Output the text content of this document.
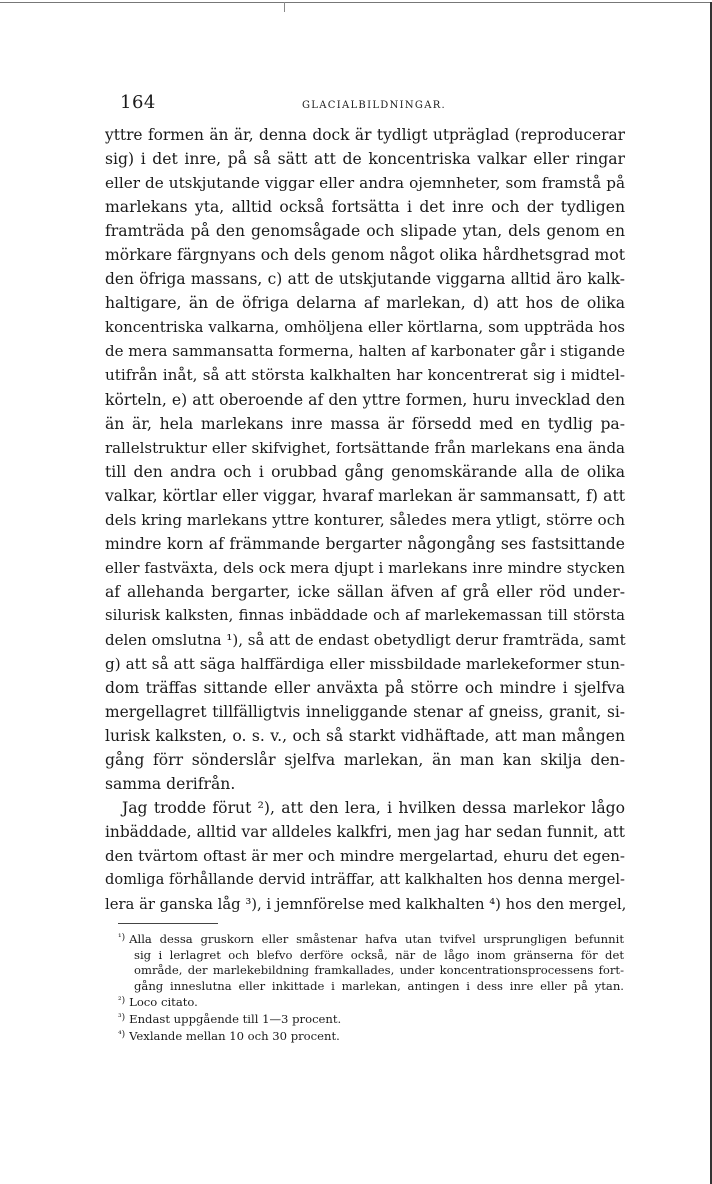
164	GLACIALBILDNINGAR.
yttre formen än är, denna dock är tydligt utpräglad (reproducerar
sig) i det inre, på så sätt att de koncentriska valkar eller ringar
eller de utskjutande viggar eller andra ojemnheter, som framstå på
marlekans yta, alltid också fortsätta i det inre och der tydligen
framträda på den genomsågade och slipade ytan, dels genom en
mörkare färgnyans och dels genom något olika hårdhetsgrad mot
den öfriga massans, c) att de utskjutande viggarna alltid äro kalk-
haltigare, än de öfriga delarna af marlekan, d) att hos de olika
koncentriska valkarna, omhöljena eller körtlarna, som uppträda hos
de mera sammansatta formerna, halten af karbonater går i stigande
utifrån inåt, så att största kalkhalten har koncentrerat sig i midtel-
körteln, e) att oberoende af den yttre formen, huru invecklad den
än är, hela marlekans inre massa är försedd med en tydlig pa-
rallelstruktur eller skifvighet, fortsättande från marlekans ena ända
till den andra och i orubbad gång genomskärande alla de olika
valkar, körtlar eller viggar, hvaraf marlekan är sammansatt, f) att
dels kring marlekans yttre konturer, således mera ytligt, större och
mindre korn af främmande bergarter någongång ses fastsittande
eller fastväxta, dels ock mera djupt i marlekans inre mindre stycken
af allehanda bergarter, icke sällan äfven af grå eller röd under-
silurisk kalksten, finnas inbäddade och af marlekemassan till största
delen omslutna ¹), så att de endast obetydligt derur framträda, samt
g) att så att säga halffärdiga eller missbildade marlekeformer stun-
dom träffas sittande eller anväxta på större och mindre i sjelfva
mergellagret tillfälligtvis inneliggande stenar af gneiss, granit, si-
lurisk kalksten, o. s. v., och så starkt vidhäftade, att man mången
gång förr sönderslår sjelfva marlekan, än man kan skilja den-
samma derifrån.
Jag trodde förut ²), att den lera, i hvilken dessa marlekor lågo
inbäddade, alltid var alldeles kalkfri, men jag har sedan funnit, att
den tvärtom oftast är mer och mindre mergelartad, ehuru det egen-
domliga förhållande dervid inträffar, att kalkhalten hos denna mergel-
lera är ganska låg ³), i jemnförelse med kalkhalten ⁴) hos den mergel,
$^{^1)}$ Alla dessa gruskorn eller småstenar hafva utan tvifvel ursprungligen befunnit
sig i lerlagret och blefvo derföre också, när de lågo inom gränserna för det
område, der marlekebildning framkallades, under koncentrationsprocessens fort-
gång inneslutna eller inkittade i marlekan, antingen i dess inre eller på ytan.
$^{^2)}$ Loco citato.
$^{^3)}$ Endast uppgående till 1—3 procent.
$^{^4)}$ Vexlande mellan 10 och 30 procent.
